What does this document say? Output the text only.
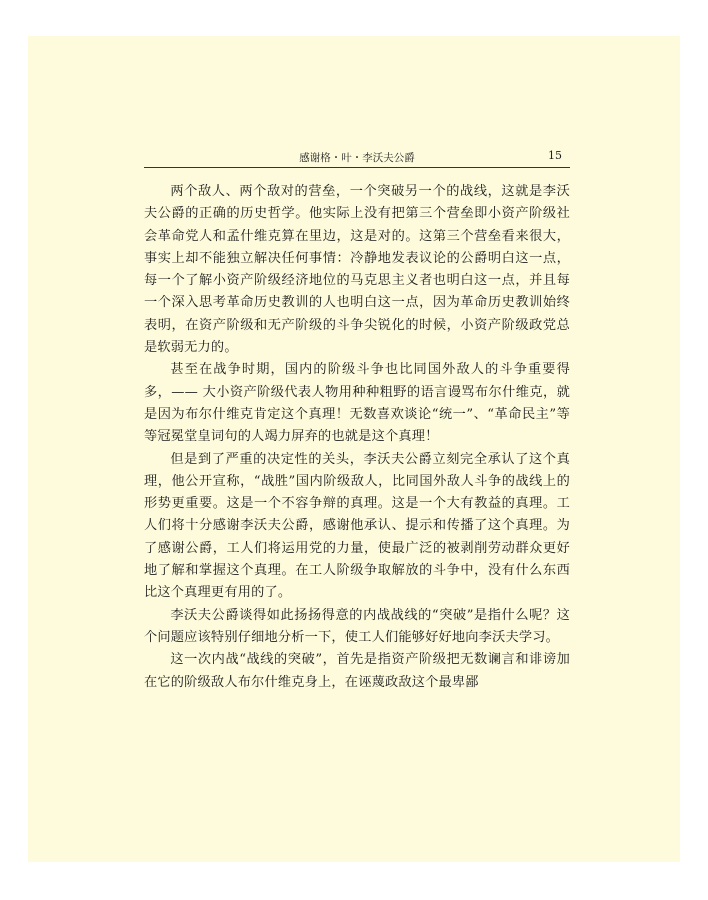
感谢格・叶・李沃夫公爵	15

两个敌人、两个敌对的营垒，一个突破另一个的战线，这就是李沃夫公爵的正确的历史哲学。他实际上没有把第三个营垒即小资产阶级社会革命党人和孟什维克算在里边，这是对的。这第三个营垒看来很大，事实上却不能独立解决任何事情：冷静地发表议论的公爵明白这一点，每一个了解小资产阶级经济地位的马克思主义者也明白这一点，并且每一个深入思考革命历史教训的人也明白这一点，因为革命历史教训始终表明，在资产阶级和无产阶级的斗争尖锐化的时候，小资产阶级政党总是软弱无力的。

甚至在战争时期，国内的阶级斗争也比同国外敌人的斗争重要得多，—— 大小资产阶级代表人物用种种粗野的语言谩骂布尔什维克，就是因为布尔什维克肯定这个真理！无数喜欢谈论“统一”、“革命民主”等等冠冕堂皇词句的人竭力屏弃的也就是这个真理！

但是到了严重的决定性的关头，李沃夫公爵立刻完全承认了这个真理，他公开宣称，“战胜”国内阶级敌人，比同国外敌人斗争的战线上的形势更重要。这是一个不容争辩的真理。这是一个大有教益的真理。工人们将十分感谢李沃夫公爵，感谢他承认、提示和传播了这个真理。为了感谢公爵，工人们将运用党的力量，使最广泛的被剥削劳动群众更好地了解和掌握这个真理。在工人阶级争取解放的斗争中，没有什么东西比这个真理更有用的了。

李沃夫公爵谈得如此扬扬得意的内战战线的“突破”是指什么呢？这个问题应该特别仔细地分析一下，使工人们能够好好地向李沃夫学习。

这一次内战“战线的突破”，首先是指资产阶级把无数谰言和诽谤加在它的阶级敌人布尔什维克身上，在诬蔑政敌这个最卑鄙
